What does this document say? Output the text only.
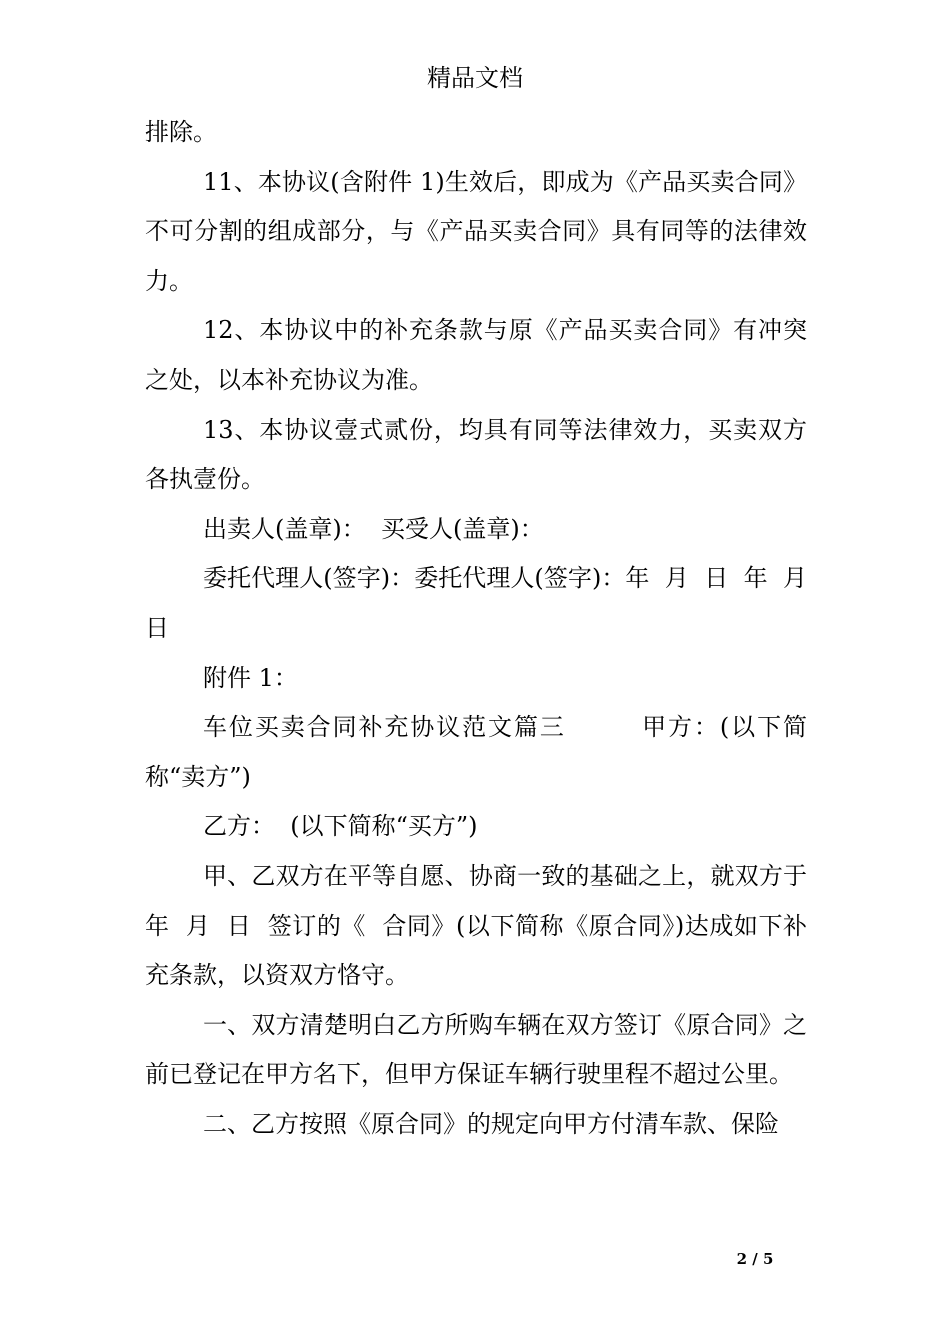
精品文档

排除。

11、本协议(含附件 1)生效后，即成为《产品买卖合同》不可分割的组成部分，与《产品买卖合同》具有同等的法律效力。

12、本协议中的补充条款与原《产品买卖合同》有冲突之处，以本补充协议为准。

13、本协议壹式贰份，均具有同等法律效力，买卖双方各执壹份。

出卖人(盖章)：  买受人(盖章)：

委托代理人(签字)：委托代理人(签字)：年  月  日  年  月  日

附件 1：

车位买卖合同补充协议范文篇三        甲方：(以下简称“卖方”)

乙方：  (以下简称“买方”)

甲、乙双方在平等自愿、协商一致的基础之上，就双方于年  月  日  签订的《  合同》(以下简称《原合同》)达成如下补充条款，以资双方恪守。

一、双方清楚明白乙方所购车辆在双方签订《原合同》之前已登记在甲方名下，但甲方保证车辆行驶里程不超过公里。

二、乙方按照《原合同》的规定向甲方付清车款、保险

2 / 5
